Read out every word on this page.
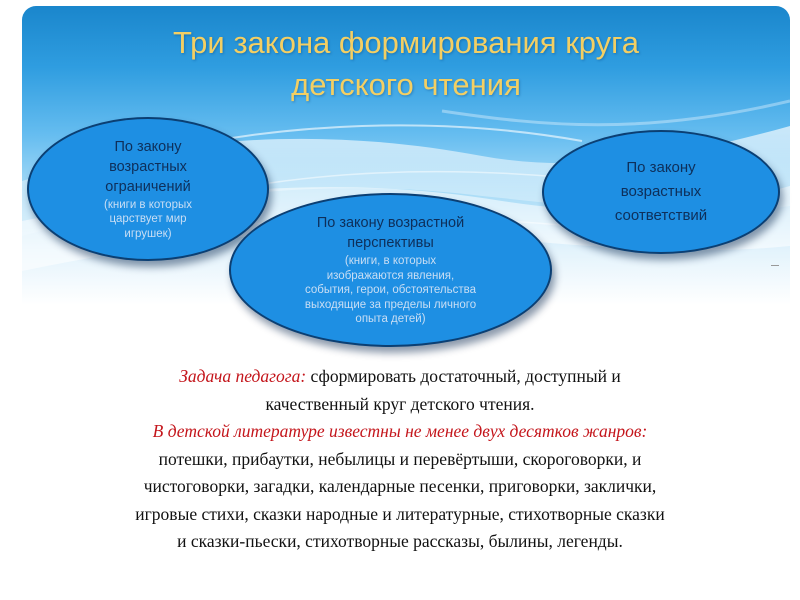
Три закона формирования круга
детского чтения
По закону
возрастных
ограничений
(книги в которых
царствует мир
игрушек)
По закону
возрастных
соответствий
По закону возрастной
перспективы
(книги, в которых
изображаются явления,
события, герои, обстоятельства
выходящие за пределы личного
опыта детей)
Задача педагога: сформировать достаточный, доступный и
качественный круг детского чтения.
В детской литературе известны не менее двух десятков жанров:
потешки, прибаутки, небылицы и перевёртыши, скороговорки, и
чистоговорки, загадки, календарные песенки, приговорки, заклички,
игровые стихи, сказки народные и литературные, стихотворные сказки
и сказки-пьески, стихотворные рассказы, былины, легенды.
